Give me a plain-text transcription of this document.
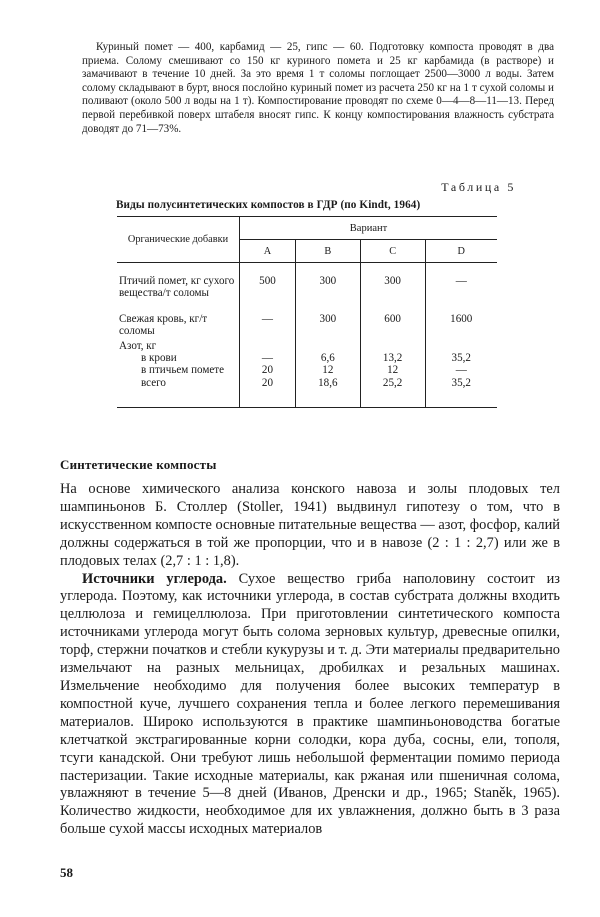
Куриный помет — 400, карбамид — 25, гипс — 60. Подготовку компоста проводят в два приема. Солому смешивают со 150 кг куриного помета и 25 кг карбамида (в растворе) и замачивают в течение 10 дней. За это время 1 т соломы поглощает 2500—3000 л воды. Затем солому складывают в бурт, внося послойно куриный помет из расчета 250 кг на 1 т сухой соломы и поливают (около 500 л воды на 1 т). Компостирование проводят по схеме 0—4—8—11—13. Перед первой перебивкой поверх штабеля вносят гипс. К концу компостирования влажность субстрата доводят до 71—73%.

Таблица 5
Виды полусинтетических компостов в ГДР (по Kindt, 1964)
Органические добавки	Вариант			
	A	B	C	D

Птичий помет, кг сухого вещества/т соломы	500	300	300	—

Свежая кровь, кг/т соломы	—	300	600	1600

Азот, кг	

в крови	—	6,6	13,2	35,2

в птичьем помете	20	12	12	—

всего	20	18,6	25,2	35,2

Синтетические компосты

На основе химического анализа конского навоза и золы плодовых тел шампиньонов Б. Столлер (Stoller, 1941) выдвинул гипотезу о том, что в искусственном компосте основные питательные вещества — азот, фосфор, калий должны содержаться в той же пропорции, что и в навозе (2 : 1 : 2,7) или же в плодовых телах (2,7 : 1 : 1,8).

Источники углерода. Сухое вещество гриба наполовину состоит из углерода. Поэтому, как источники углерода, в состав субстрата должны входить целлюлоза и гемицеллюлоза. При приготовлении синтетического компоста источниками углерода могут быть солома зерновых культур, древесные опилки, торф, стержни початков и стебли кукурузы и т. д. Эти материалы предварительно измельчают на разных мельницах, дробилках и резальных машинах. Измельчение необходимо для получения более высоких температур в компостной куче, лучшего сохранения тепла и более легкого перемешивания материалов. Широко используются в практике шампиньоноводства богатые клетчаткой экстрагированные корни солодки, кора дуба, сосны, ели, тополя, тсуги канадской. Они требуют лишь небольшой ферментации помимо периода пастеризации. Такие исходные материалы, как ржаная или пшеничная солома, увлажняют в течение 5—8 дней (Иванов, Дренски и др., 1965; Staněk, 1965). Количество жидкости, необходимое для их увлажнения, должно быть в 3 раза больше сухой массы исходных материалов

58
